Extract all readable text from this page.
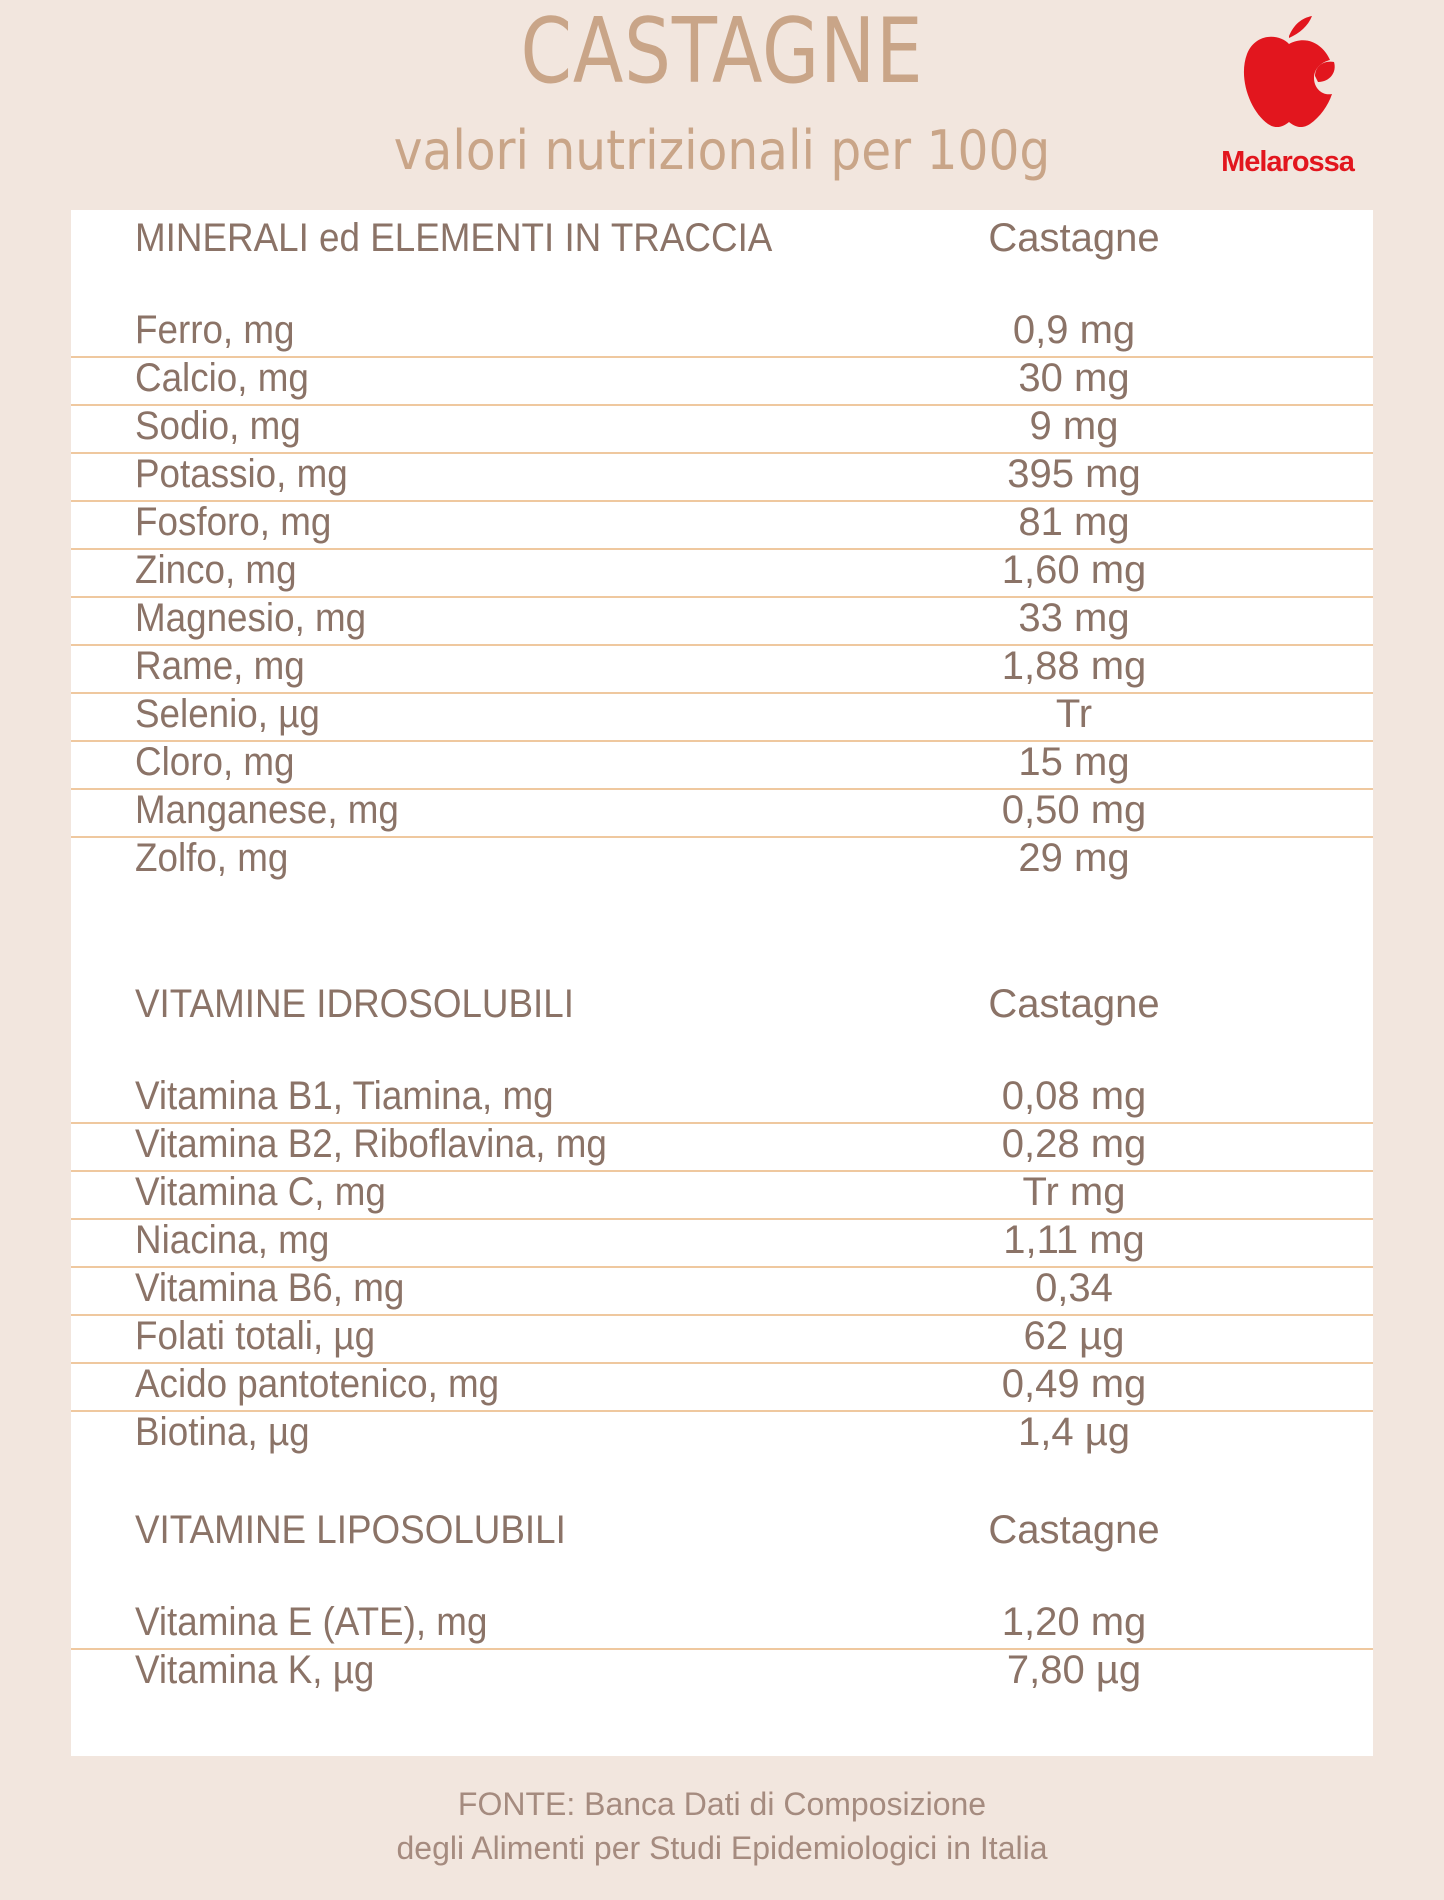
CASTAGNE
valori nutrizionali per 100g	Melarossa
MINERALI ed ELEMENTI IN TRACCIA	Castagne
Ferro, mg	0,9 mg
Calcio, mg	30 mg
Sodio, mg	9 mg
Potassio, mg	395 mg
Fosforo, mg	81 mg
Zinco, mg	1,60 mg
Magnesio, mg	33 mg
Rame, mg	1,88 mg
Selenio, µg	Tr
Cloro, mg	15 mg
Manganese, mg	0,50 mg
Zolfo, mg	29 mg
VITAMINE IDROSOLUBILI	Castagne
Vitamina B1, Tiamina, mg	0,08 mg
Vitamina B2, Riboflavina, mg	0,28 mg
Vitamina C, mg	Tr mg
Niacina, mg	1,11 mg
Vitamina B6, mg	0,34
Folati totali, µg	62 µg
Acido pantotenico, mg	0,49 mg
Biotina, µg	1,4 µg
VITAMINE LIPOSOLUBILI	Castagne
Vitamina E (ATE), mg	1,20 mg
Vitamina K, µg	7,80 µg
FONTE: Banca Dati di Composizione
degli Alimenti per Studi Epidemiologici in Italia
